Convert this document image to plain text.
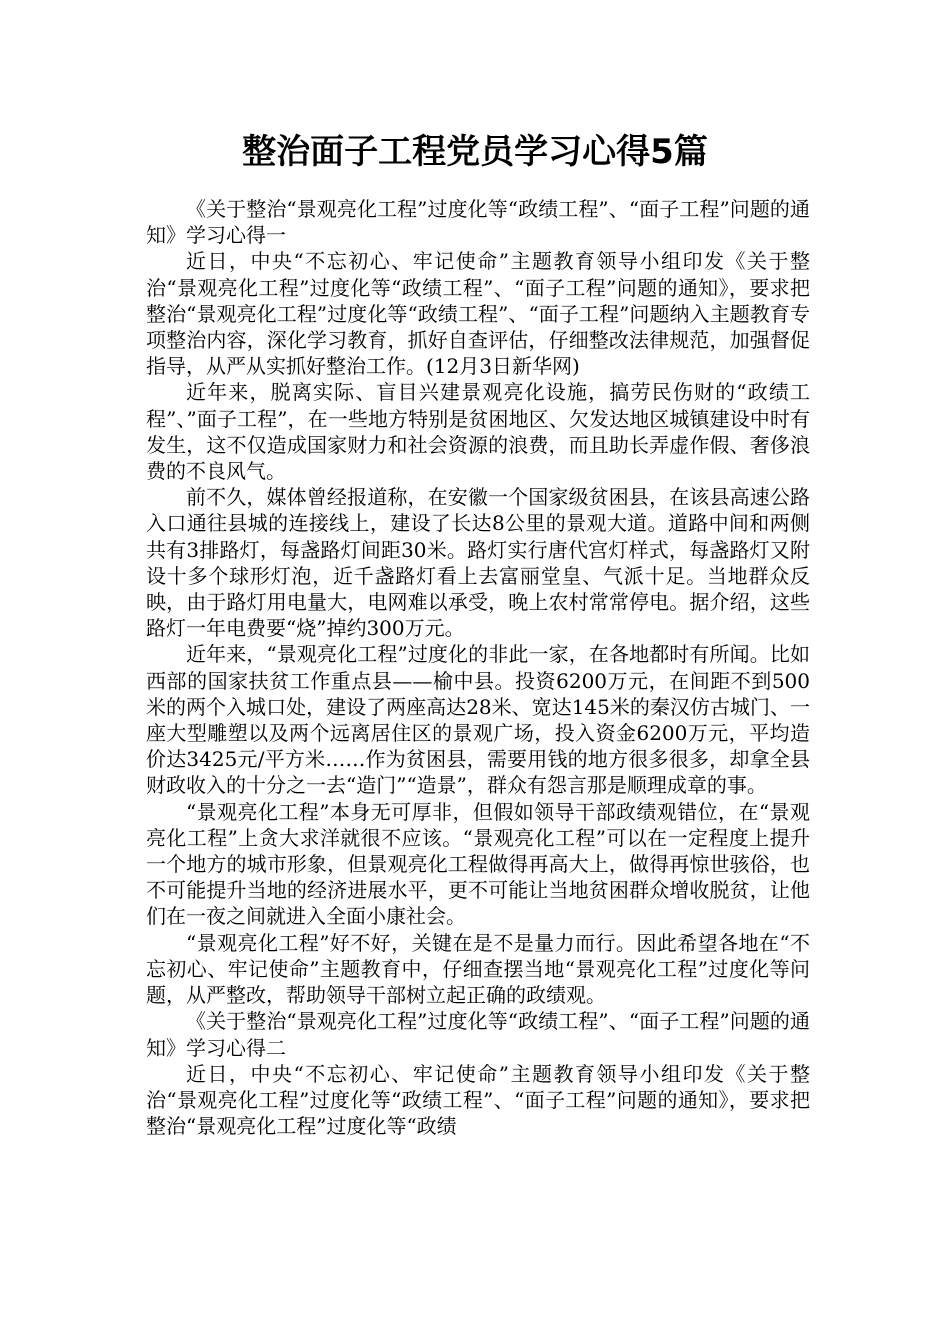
整治面子工程党员学习心得5篇

《关于整治“景观亮化工程”过度化等“政绩工程”、“面子工程”问题的通知》学习心得一

近日，中央“不忘初心、牢记使命”主题教育领导小组印发《关于整治“景观亮化工程”过度化等“政绩工程”、“面子工程”问题的通知》，要求把整治“景观亮化工程”过度化等“政绩工程”、“面子工程”问题纳入主题教育专项整治内容，深化学习教育，抓好自查评估，仔细整改法律规范，加强督促指导，从严从实抓好整治工作。(12月3日新华网)

近年来，脱离实际、盲目兴建景观亮化设施，搞劳民伤财的“政绩工程”、”面子工程”，在一些地方特别是贫困地区、欠发达地区城镇建设中时有发生，这不仅造成国家财力和社会资源的浪费，而且助长弄虚作假、奢侈浪费的不良风气。

前不久，媒体曾经报道称，在安徽一个国家级贫困县，在该县高速公路入口通往县城的连接线上，建设了长达8公里的景观大道。道路中间和两侧共有3排路灯，每盏路灯间距30米。路灯实行唐代宫灯样式，每盏路灯又附设十多个球形灯泡，近千盏路灯看上去富丽堂皇、气派十足。当地群众反映，由于路灯用电量大，电网难以承受，晚上农村常常停电。据介绍，这些路灯一年电费要“烧”掉约300万元。

近年来，“景观亮化工程”过度化的非此一家，在各地都时有所闻。比如西部的国家扶贫工作重点县——榆中县。投资6200万元，在间距不到500米的两个入城口处，建设了两座高达28米、宽达145米的秦汉仿古城门、一座大型雕塑以及两个远离居住区的景观广场，投入资金6200万元，平均造价达3425元/平方米……作为贫困县，需要用钱的地方很多很多，却拿全县财政收入的十分之一去“造门”“造景”，群众有怨言那是顺理成章的事。

“景观亮化工程”本身无可厚非，但假如领导干部政绩观错位，在“景观亮化工程”上贪大求洋就很不应该。“景观亮化工程”可以在一定程度上提升一个地方的城市形象，但景观亮化工程做得再高大上，做得再惊世骇俗，也不可能提升当地的经济进展水平，更不可能让当地贫困群众增收脱贫，让他们在一夜之间就进入全面小康社会。

“景观亮化工程”好不好，关键在是不是量力而行。因此希望各地在“不忘初心、牢记使命”主题教育中，仔细查摆当地“景观亮化工程”过度化等问题，从严整改，帮助领导干部树立起正确的政绩观。

《关于整治“景观亮化工程”过度化等“政绩工程”、“面子工程”问题的通知》学习心得二

近日，中央“不忘初心、牢记使命”主题教育领导小组印发《关于整治“景观亮化工程”过度化等“政绩工程”、“面子工程”问题的通知》，要求把整治“景观亮化工程”过度化等“政绩
